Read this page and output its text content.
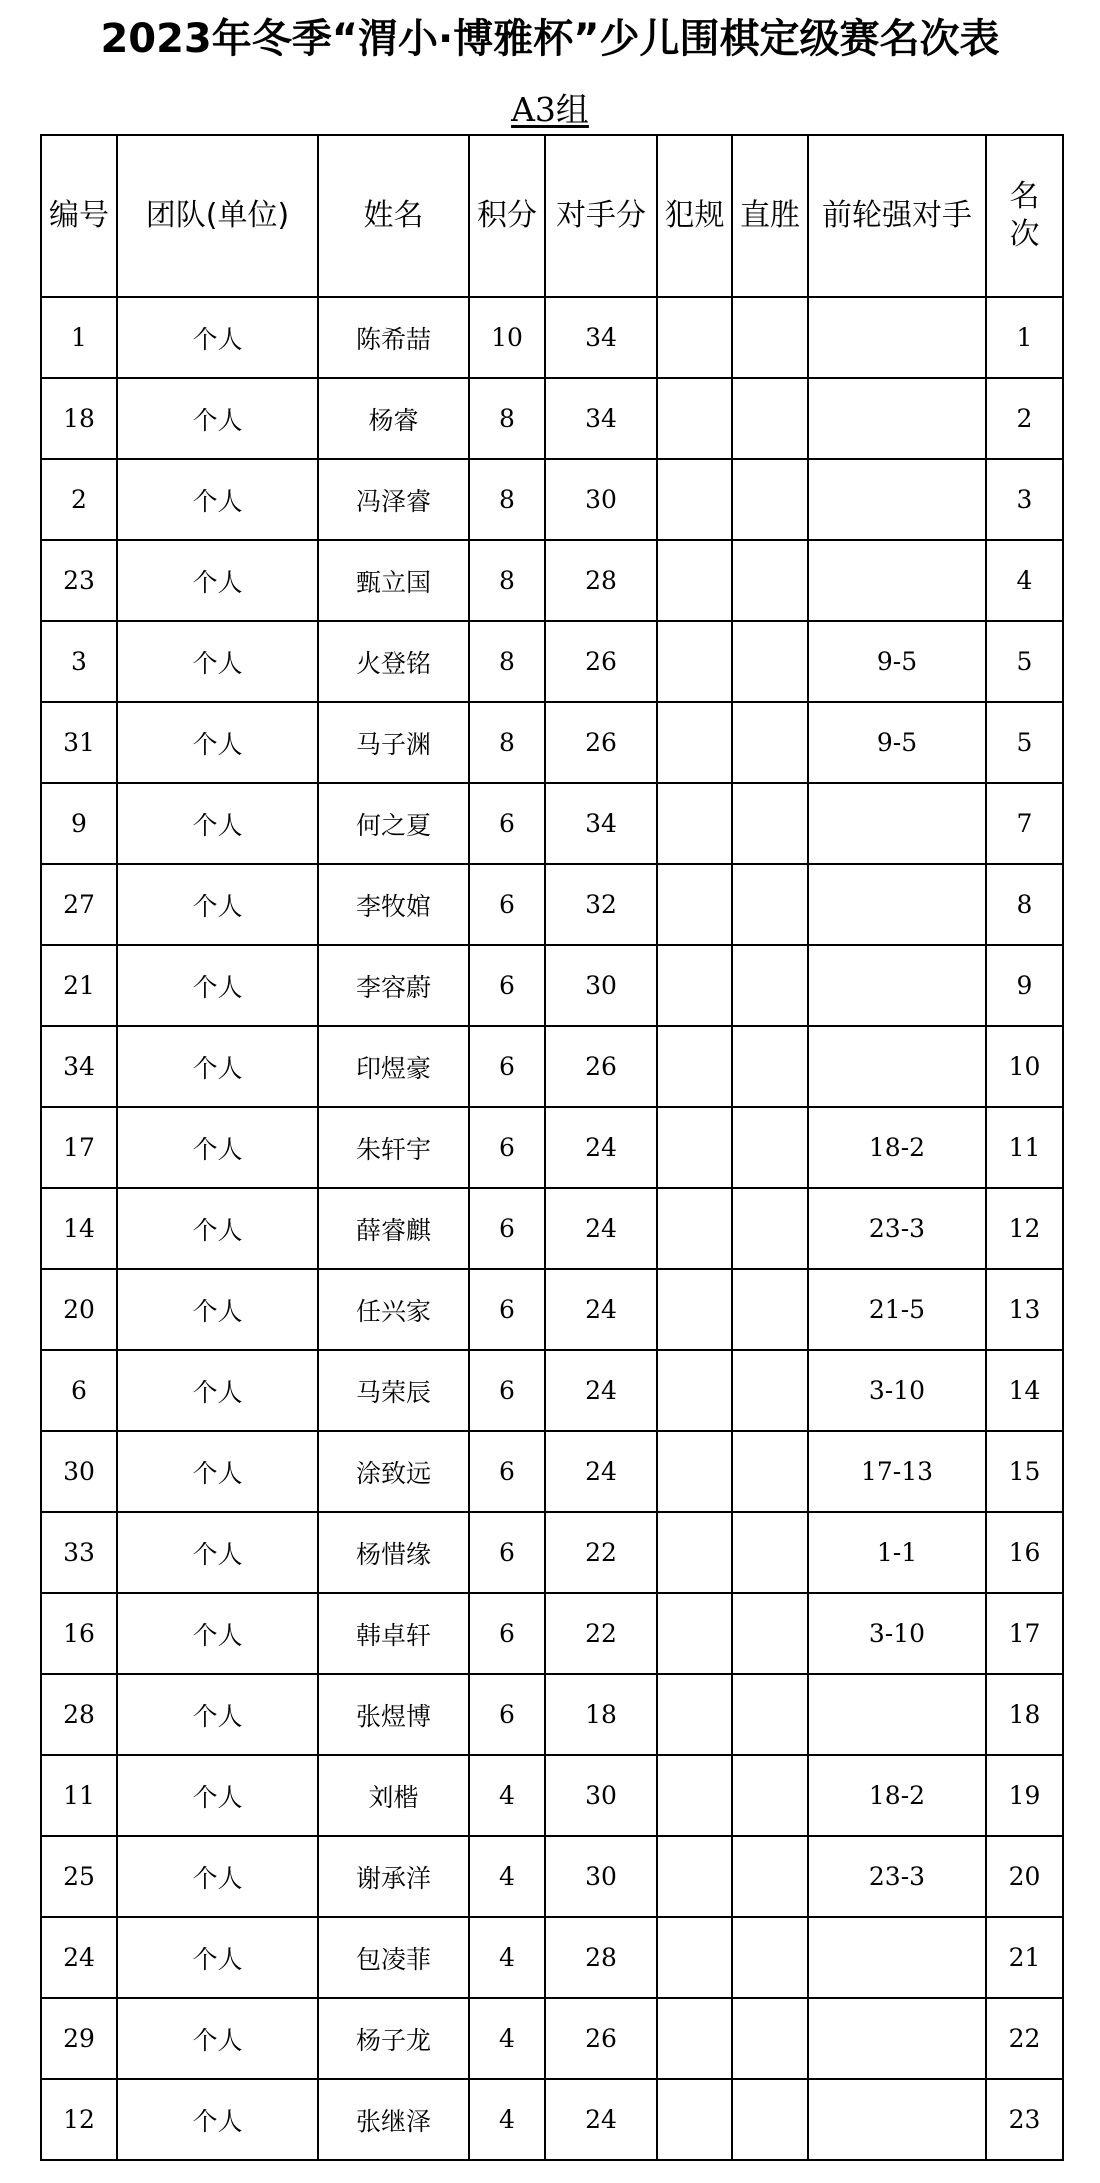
2023年冬季“渭小·博雅杯”少儿围棋定级赛名次表
A3组
编号	团队(单位)	姓名	积分	对手分	犯规	直胜	前轮强对手	名
次
1	个人	陈希喆	10	34				1
18	个人	杨睿	8	34				2
2	个人	冯泽睿	8	30				3
23	个人	甄立国	8	28				4
3	个人	火登铭	8	26			9-5	5
31	个人	马子渊	8	26			9-5	5
9	个人	何之夏	6	34				7
27	个人	李牧婠	6	32				8
21	个人	李容蔚	6	30				9
34	个人	印煜豪	6	26				10
17	个人	朱轩宇	6	24			18-2	11
14	个人	薛睿麒	6	24			23-3	12
20	个人	任兴家	6	24			21-5	13
6	个人	马荣辰	6	24			3-10	14
30	个人	涂致远	6	24			17-13	15
33	个人	杨惜缘	6	22			1-1	16
16	个人	韩卓轩	6	22			3-10	17
28	个人	张煜博	6	18				18
11	个人	刘楷	4	30			18-2	19
25	个人	谢承洋	4	30			23-3	20
24	个人	包凌菲	4	28				21
29	个人	杨子龙	4	26				22
12	个人	张继泽	4	24				23
